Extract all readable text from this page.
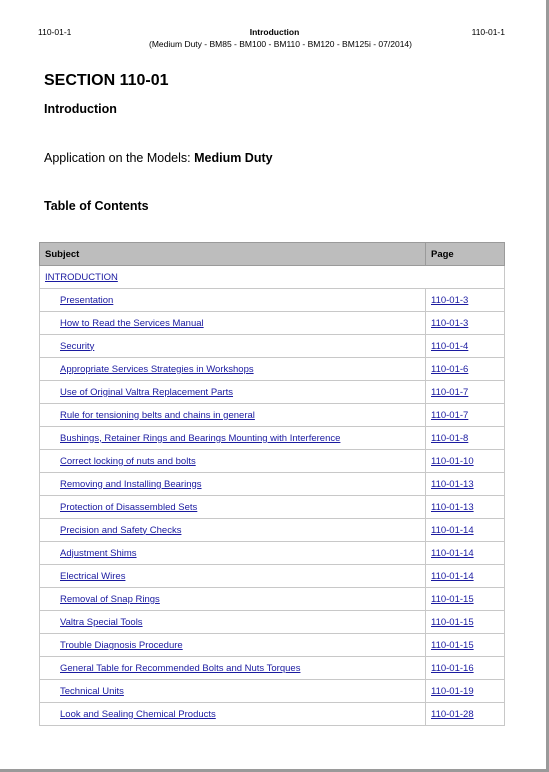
110-01-1	Introduction	110-01-1
(Medium Duty - BM85 - BM100 - BM110 - BM120 - BM125i - 07/2014)
SECTION 110-01
Introduction
Application on the Models: Medium Duty
Table of Contents
Subject	Page
INTRODUCTION	
Presentation	110-01-3
How to Read the Services Manual	110-01-3
Security	110-01-4
Appropriate Services Strategies in Workshops	110-01-6
Use of Original Valtra Replacement Parts	110-01-7
Rule for tensioning belts and chains in general	110-01-7
Bushings, Retainer Rings and Bearings Mounting with Interference	110-01-8
Correct locking of nuts and bolts	110-01-10
Removing and Installing Bearings	110-01-13
Protection of Disassembled Sets	110-01-13
Precision and Safety Checks	110-01-14
Adjustment Shims	110-01-14
Electrical Wires	110-01-14
Removal of Snap Rings	110-01-15
Valtra Special Tools	110-01-15
Trouble Diagnosis Procedure	110-01-15
General Table for Recommended Bolts and Nuts Torques	110-01-16
Technical Units	110-01-19
Look and Sealing Chemical Products	110-01-28
